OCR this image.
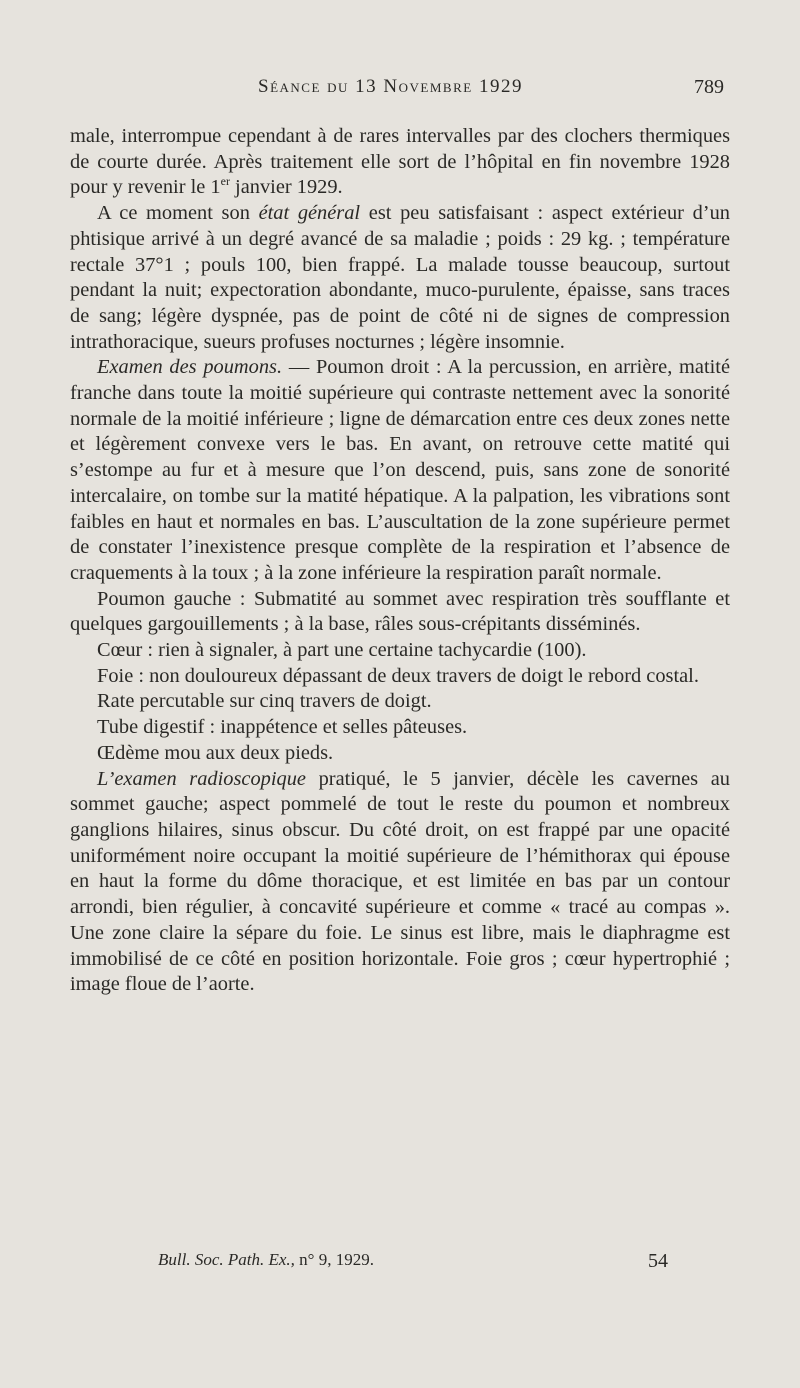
Séance du 13 Novembre 1929	789

male, interrompue cependant à de rares intervalles par des clochers thermiques de courte durée. Après traitement elle sort de l’hôpital en fin novembre 1928 pour y revenir le 1er janvier 1929.

A ce moment son état général est peu satisfaisant : aspect extérieur d’un phtisique arrivé à un degré avancé de sa maladie ; poids : 29 kg. ; température rectale 37°1 ; pouls 100, bien frappé. La malade tousse beaucoup, surtout pendant la nuit; expectoration abondante, muco-purulente, épaisse, sans traces de sang; légère dyspnée, pas de point de côté ni de signes de compression intrathoracique, sueurs profuses nocturnes ; légère insomnie.

Examen des poumons. — Poumon droit : A la percussion, en arrière, matité franche dans toute la moitié supérieure qui contraste nettement avec la sonorité normale de la moitié inférieure ; ligne de démarcation entre ces deux zones nette et légèrement convexe vers le bas. En avant, on retrouve cette matité qui s’estompe au fur et à mesure que l’on descend, puis, sans zone de sonorité intercalaire, on tombe sur la matité hépatique. A la palpation, les vibrations sont faibles en haut et normales en bas. L’auscultation de la zone supérieure permet de constater l’inexistence presque complète de la respiration et l’absence de craquements à la toux ; à la zone inférieure la respiration paraît normale.

Poumon gauche : Submatité au sommet avec respiration très soufflante et quelques gargouillements ; à la base, râles sous-crépitants disséminés.

Cœur : rien à signaler, à part une certaine tachycardie (100).

Foie : non douloureux dépassant de deux travers de doigt le rebord costal.

Rate percutable sur cinq travers de doigt.

Tube digestif : inappétence et selles pâteuses.

Œdème mou aux deux pieds.

L’examen radioscopique pratiqué, le 5 janvier, décèle les cavernes au sommet gauche; aspect pommelé de tout le reste du poumon et nombreux ganglions hilaires, sinus obscur. Du côté droit, on est frappé par une opacité uniformément noire occupant la moitié supérieure de l’hémithorax qui épouse en haut la forme du dôme thoracique, et est limitée en bas par un contour arrondi, bien régulier, à concavité supérieure et comme « tracé au compas ». Une zone claire la sépare du foie. Le sinus est libre, mais le diaphragme est immobilisé de ce côté en position horizontale. Foie gros ; cœur hypertrophié ; image floue de l’aorte.

Bull. Soc. Path. Ex., n° 9, 1929.	54
